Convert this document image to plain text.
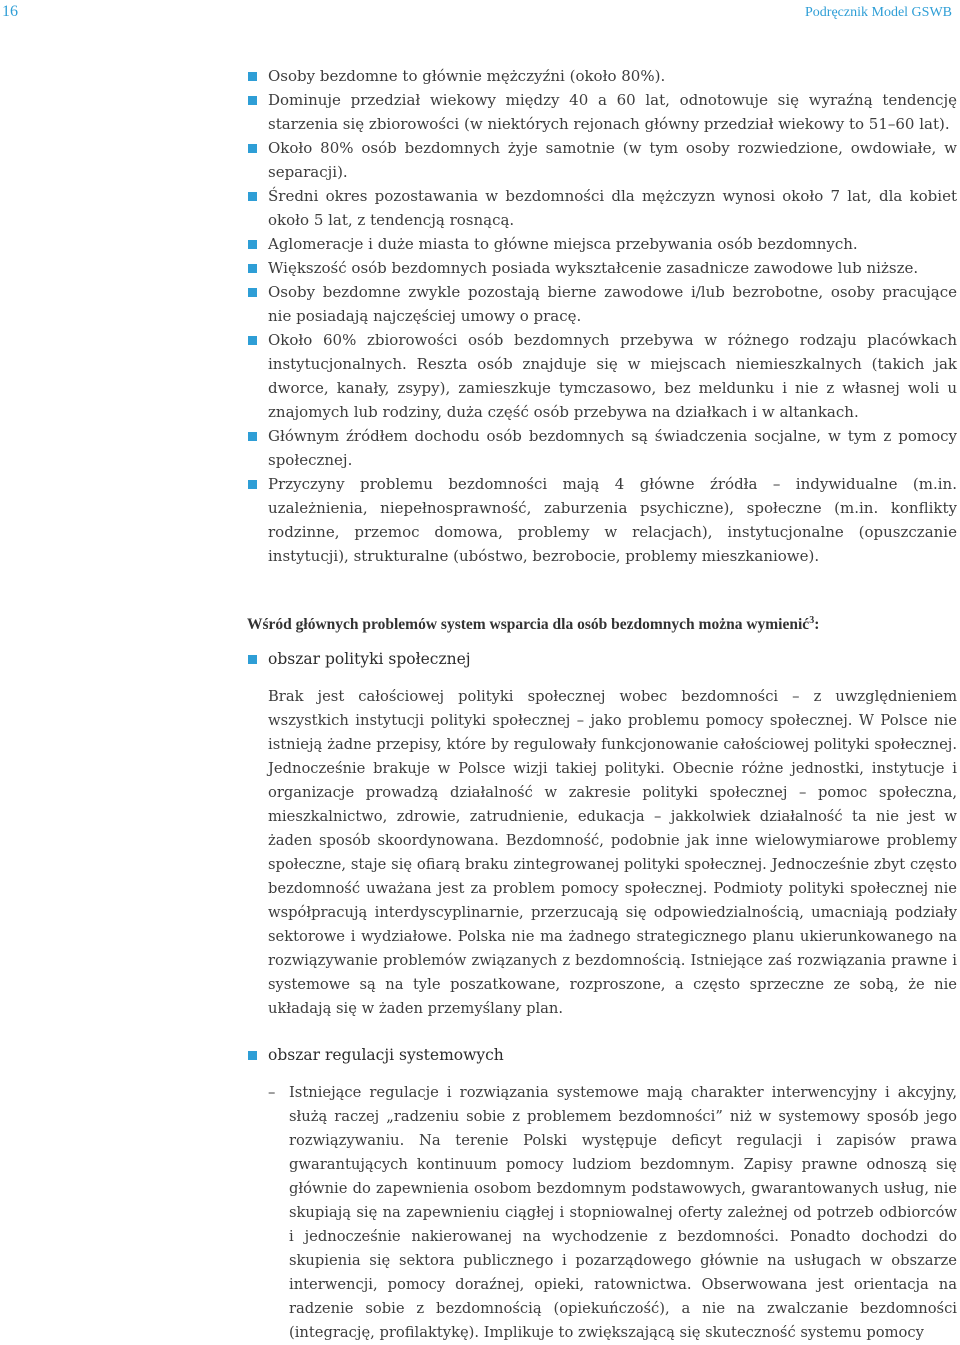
16	Podręcznik Model GSWB
Osoby bezdomne to głównie mężczyźni (około 80%).
Dominuje przedział wiekowy między 40 a 60 lat, odnotowuje się wyraźną tendencję starzenia się zbiorowości (w niektórych rejonach główny przedział wiekowy to 51–60 lat).
Około 80% osób bezdomnych żyje samotnie (w tym osoby rozwiedzione, owdowiałe, w separacji).
Średni okres pozostawania w bezdomności dla mężczyzn wynosi około 7 lat, dla kobiet około 5 lat, z tendencją rosnącą.
Aglomeracje i duże miasta to główne miejsca przebywania osób bezdomnych.
Większość osób bezdomnych posiada wykształcenie zasadnicze zawodowe lub niższe.
Osoby bezdomne zwykle pozostają bierne zawodowe i/lub bezrobotne, osoby pracujące nie posiadają najczęściej umowy o pracę.
Około 60% zbiorowości osób bezdomnych przebywa w różnego rodzaju placówkach instytucjonalnych. Reszta osób znajduje się w miejscach niemieszkalnych (takich jak dworce, kanały, zsypy), zamieszkuje tymczasowo, bez meldunku i nie z własnej woli u znajomych lub rodziny, duża część osób przebywa na działkach i w altankach.
Głównym źródłem dochodu osób bezdomnych są świadczenia socjalne, w tym z pomocy społecznej.
Przyczyny problemu bezdomności mają 4 główne źródła – indywidualne (m.in. uzależnienia, niepełnosprawność, zaburzenia psychiczne), społeczne (m.in. konflikty rodzinne, przemoc domowa, problemy w relacjach), instytucjonalne (opuszczanie instytucji), strukturalne (ubóstwo, bezrobocie, problemy mieszkaniowe).
Wśród głównych problemów system wsparcia dla osób bezdomnych można wymienić$^3$:
obszar polityki społecznej
Brak jest całościowej polityki społecznej wobec bezdomności – z uwzględnieniem wszystkich instytucji polityki społecznej – jako problemu pomocy społecznej. W Polsce nie istnieją żadne przepisy, które by regulowały funkcjonowanie całościowej polityki społecznej. Jednocześnie brakuje w Polsce wizji takiej polityki. Obecnie różne jednostki, instytucje i organizacje prowadzą działalność w zakresie polityki społecznej – pomoc społeczna, mieszkalnictwo, zdrowie, zatrudnienie, edukacja – jakkolwiek działalność ta nie jest w żaden sposób skoordynowana. Bezdomność, podobnie jak inne wielowymiarowe problemy społeczne, staje się ofiarą braku zintegrowanej polityki społecznej. Jednocześnie zbyt często bezdomność uważana jest za problem pomocy społecznej. Podmioty polityki społecznej nie współpracują interdyscyplinarnie, przerzucają się odpowiedzialnością, umacniają podziały sektorowe i wydziałowe. Polska nie ma żadnego strategicznego planu ukierunkowanego na rozwiązywanie problemów związanych z bezdomnością. Istniejące zaś rozwiązania prawne i systemowe są na tyle poszatkowane, rozproszone, a często sprzeczne ze sobą, że nie układają się w żaden przemyślany plan.
obszar regulacji systemowych
– Istniejące regulacje i rozwiązania systemowe mają charakter interwencyjny i akcyjny, służą raczej „radzeniu sobie z problemem bezdomności” niż w systemowy sposób jego rozwiązywaniu. Na terenie Polski występuje deficyt regulacji i zapisów prawa gwarantujących kontinuum pomocy ludziom bezdomnym. Zapisy prawne odnoszą się głównie do zapewnienia osobom bezdomnym podstawowych, gwarantowanych usług, nie skupiają się na zapewnieniu ciągłej i stopniowalnej oferty zależnej od potrzeb odbiorców i jednocześnie nakierowanej na wychodzenie z bezdomności. Ponadto dochodzi do skupienia się sektora publicznego i pozarządowego głównie na usługach w obszarze interwencji, pomocy doraźnej, opieki, ratownictwa. Obserwowana jest orientacja na radzenie sobie z bezdomnością (opiekuńczość), a nie na zwalczanie bezdomności (integrację, profilaktykę). Implikuje to zwiększającą się skuteczność systemu pomocy
